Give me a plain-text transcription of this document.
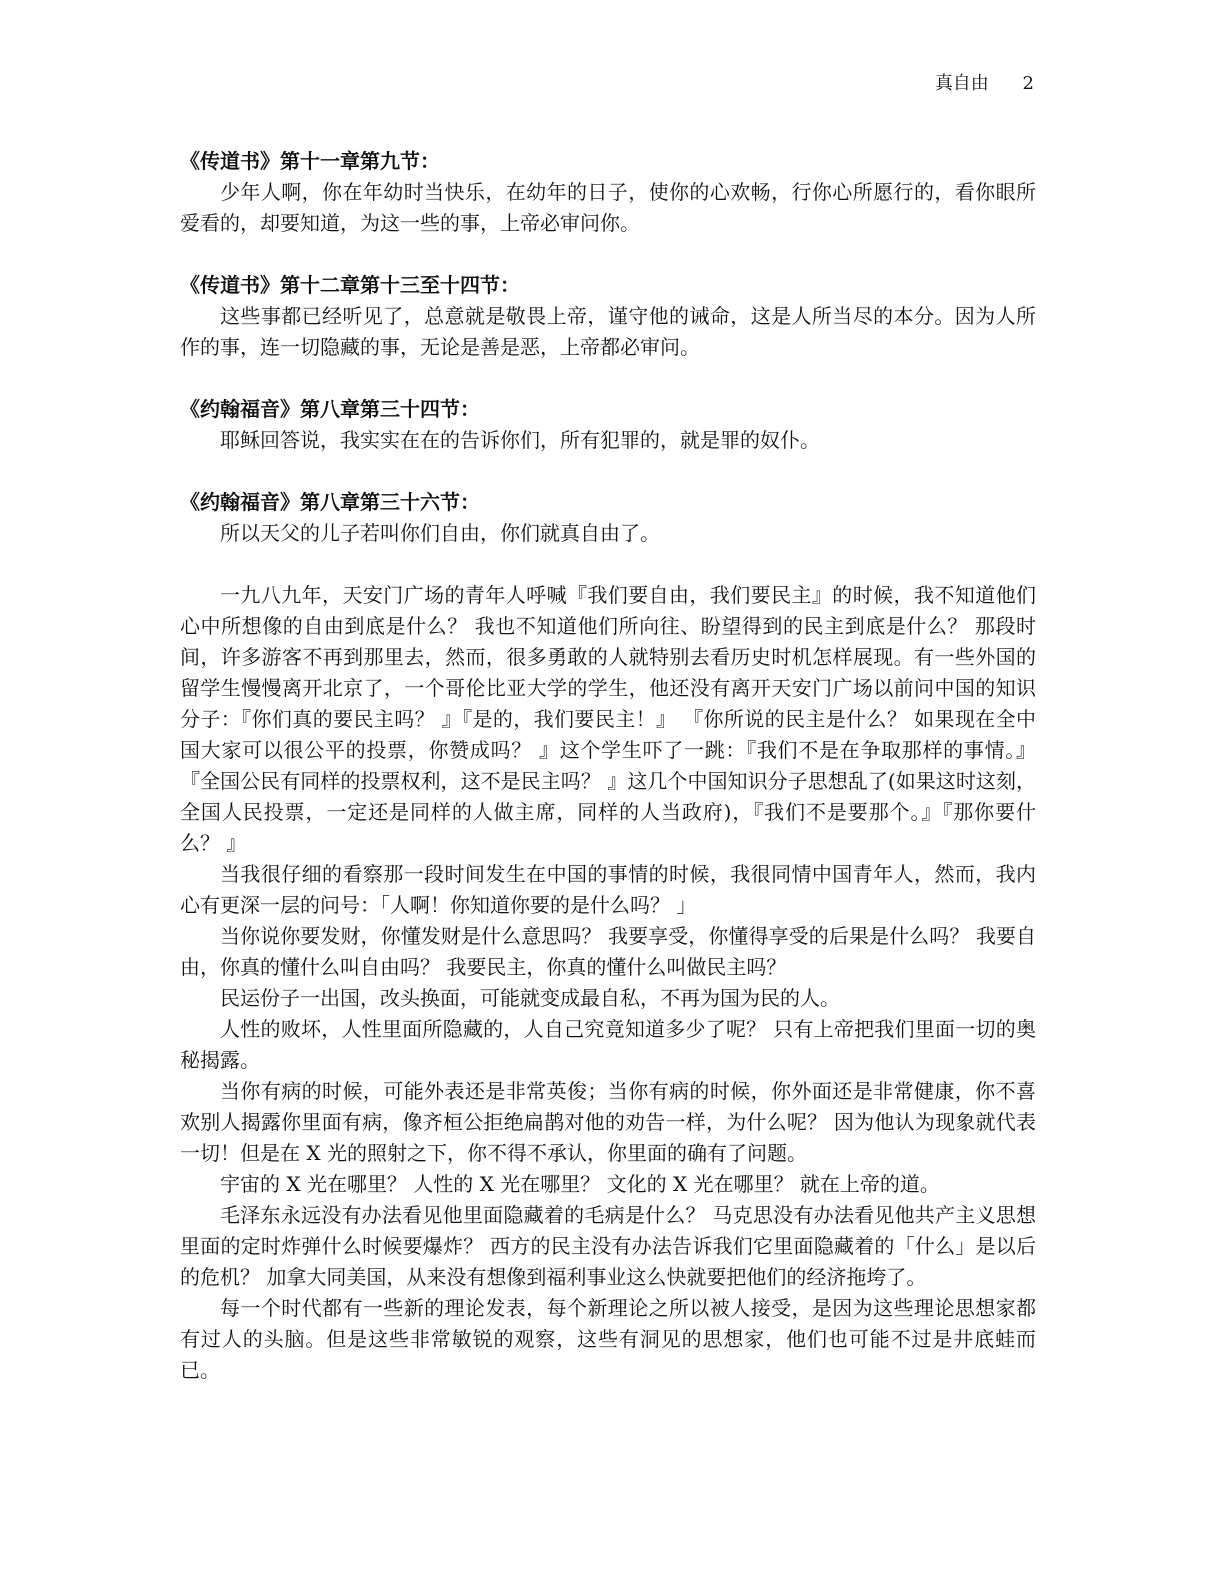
真自由 2

《传道书》第十一章第九节：

少年人啊，你在年幼时当快乐，在幼年的日子，使你的心欢畅，行你心所愿行的，看你眼所爱看的，却要知道，为这一些的事，上帝必审问你。

《传道书》第十二章第十三至十四节：

这些事都已经听见了，总意就是敬畏上帝，谨守他的诫命，这是人所当尽的本分。因为人所作的事，连一切隐藏的事，无论是善是恶，上帝都必审问。

《约翰福音》第八章第三十四节：

耶稣回答说，我实实在在的告诉你们，所有犯罪的，就是罪的奴仆。

《约翰福音》第八章第三十六节：

所以天父的儿子若叫你们自由，你们就真自由了。

一九八九年，天安门广场的青年人呼喊『我们要自由，我们要民主』的时候，我不知道他们心中所想像的自由到底是什么？ 我也不知道他们所向往、盼望得到的民主到底是什么？ 那段时间，许多游客不再到那里去，然而，很多勇敢的人就特别去看历史时机怎样展现。有一些外国的留学生慢慢离开北京了，一个哥伦比亚大学的学生，他还没有离开天安门广场以前问中国的知识分子：『你们真的要民主吗？ 』『是的，我们要民主！』 『你所说的民主是什么？ 如果现在全中国大家可以很公平的投票，你赞成吗？ 』这个学生吓了一跳：『我们不是在争取那样的事情。』『全国公民有同样的投票权利，这不是民主吗？ 』这几个中国知识分子思想乱了(如果这时这刻，全国人民投票，一定还是同样的人做主席，同样的人当政府)，『我们不是要那个。』『那你要什么？ 』

当我很仔细的看察那一段时间发生在中国的事情的时候，我很同情中国青年人，然而，我内心有更深一层的问号：「人啊！你知道你要的是什么吗？ 」

当你说你要发财，你懂发财是什么意思吗？ 我要享受，你懂得享受的后果是什么吗？ 我要自由，你真的懂什么叫自由吗？ 我要民主，你真的懂什么叫做民主吗？

民运份子一出国，改头换面，可能就变成最自私，不再为国为民的人。

人性的败坏，人性里面所隐藏的，人自己究竟知道多少了呢？ 只有上帝把我们里面一切的奥秘揭露。

当你有病的时候，可能外表还是非常英俊；当你有病的时候，你外面还是非常健康，你不喜欢别人揭露你里面有病，像齐桓公拒绝扁鹊对他的劝告一样，为什么呢？ 因为他认为现象就代表一切！但是在 X 光的照射之下，你不得不承认，你里面的确有了问题。

宇宙的 X 光在哪里？ 人性的 X 光在哪里？ 文化的 X 光在哪里？ 就在上帝的道。

毛泽东永远没有办法看见他里面隐藏着的毛病是什么？ 马克思没有办法看见他共产主义思想里面的定时炸弹什么时候要爆炸？ 西方的民主没有办法告诉我们它里面隐藏着的「什么」是以后的危机？ 加拿大同美国，从来没有想像到福利事业这么快就要把他们的经济拖垮了。

每一个时代都有一些新的理论发表，每个新理论之所以被人接受，是因为这些理论思想家都有过人的头脑。但是这些非常敏锐的观察，这些有洞见的思想家，他们也可能不过是井底蛙而已。
